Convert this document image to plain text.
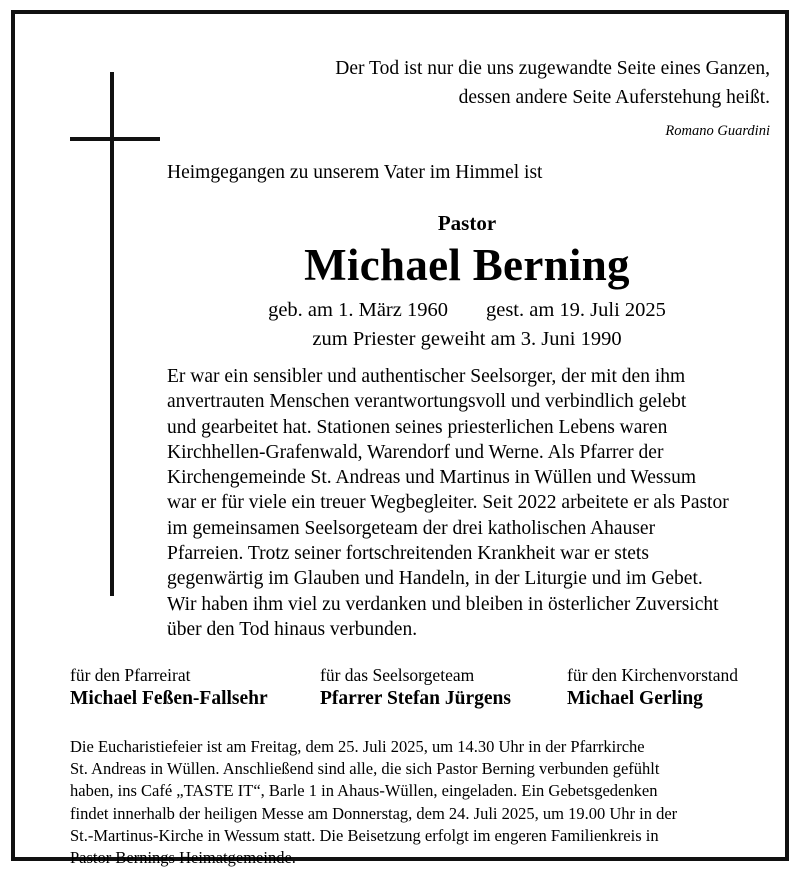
Der Tod ist nur die uns zugewandte Seite eines Ganzen,
dessen andere Seite Auferstehung heißt.
Romano Guardini
Heimgegangen zu unserem Vater im Himmel ist
Pastor
Michael Berning
geb. am 1. März 1960 gest. am 19. Juli 2025
zum Priester geweiht am 3. Juni 1990
Er war ein sensibler und authentischer Seelsorger, der mit den ihm
anvertrauten Menschen verantwortungsvoll und verbindlich gelebt
und gearbeitet hat. Stationen seines priesterlichen Lebens waren
Kirchhellen-Grafenwald, Warendorf und Werne. Als Pfarrer der
Kirchengemeinde St. Andreas und Martinus in Wüllen und Wessum
war er für viele ein treuer Wegbegleiter. Seit 2022 arbeitete er als Pastor
im gemeinsamen Seelsorgeteam der drei katholischen Ahauser
Pfarreien. Trotz seiner fortschreitenden Krankheit war er stets
gegenwärtig im Glauben und Handeln, in der Liturgie und im Gebet.
Wir haben ihm viel zu verdanken und bleiben in österlicher Zuversicht
über den Tod hinaus verbunden.
für den Pfarreirat
Michael Feßen-Fallsehr
für das Seelsorgeteam
Pfarrer Stefan Jürgens
für den Kirchenvorstand
Michael Gerling
Die Eucharistiefeier ist am Freitag, dem 25. Juli 2025, um 14.30 Uhr in der Pfarrkirche
St. Andreas in Wüllen. Anschließend sind alle, die sich Pastor Berning verbunden gefühlt
haben, ins Café „TASTE IT“, Barle 1 in Ahaus-Wüllen, eingeladen. Ein Gebetsgedenken
findet innerhalb der heiligen Messe am Donnerstag, dem 24. Juli 2025, um 19.00 Uhr in der
St.-Martinus-Kirche in Wessum statt. Die Beisetzung erfolgt im engeren Familienkreis in
Pastor Bernings Heimatgemeinde.
